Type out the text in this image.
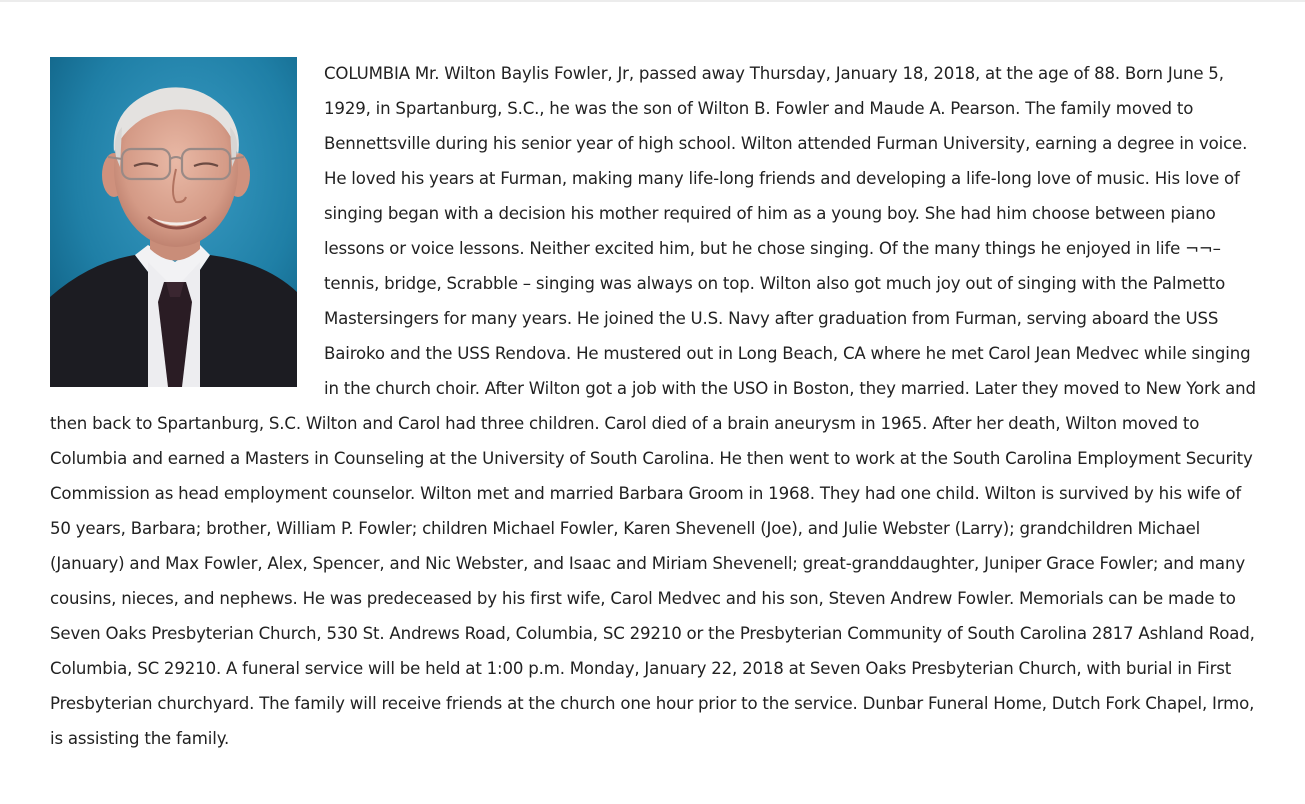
COLUMBIA Mr. Wilton Baylis Fowler, Jr, passed away Thursday, January 18, 2018, at the age of 88. Born June 5, 1929, in Spartanburg, S.C., he was the son of Wilton B. Fowler and Maude A. Pearson. The family moved to Bennettsville during his senior year of high school. Wilton attended Furman University, earning a degree in voice. He loved his years at Furman, making many life-long friends and developing a life-long love of music. His love of singing began with a decision his mother required of him as a young boy. She had him choose between piano lessons or voice lessons. Neither excited him, but he chose singing. Of the many things he enjoyed in life ¬¬– tennis, bridge, Scrabble – singing was always on top. Wilton also got much joy out of singing with the Palmetto Mastersingers for many years. He joined the U.S. Navy after graduation from Furman, serving aboard the USS Bairoko and the USS Rendova. He mustered out in Long Beach, CA where he met Carol Jean Medvec while singing in the church choir. After Wilton got a job with the USO in Boston, they married. Later they moved to New York and then back to Spartanburg, S.C. Wilton and Carol had three children. Carol died of a brain aneurysm in 1965. After her death, Wilton moved to Columbia and earned a Masters in Counseling at the University of South Carolina. He then went to work at the South Carolina Employment Security Commission as head employment counselor. Wilton met and married Barbara Groom in 1968. They had one child. Wilton is survived by his wife of 50 years, Barbara; brother, William P. Fowler; children Michael Fowler, Karen Shevenell (Joe), and Julie Webster (Larry); grandchildren Michael (January) and Max Fowler, Alex, Spencer, and Nic Webster, and Isaac and Miriam Shevenell; great-granddaughter, Juniper Grace Fowler; and many cousins, nieces, and nephews. He was predeceased by his first wife, Carol Medvec and his son, Steven Andrew Fowler. Memorials can be made to Seven Oaks Presbyterian Church, 530 St. Andrews Road, Columbia, SC 29210 or the Presbyterian Community of South Carolina 2817 Ashland Road, Columbia, SC 29210. A funeral service will be held at 1:00 p.m. Monday, January 22, 2018 at Seven Oaks Presbyterian Church, with burial in First Presbyterian churchyard. The family will receive friends at the church one hour prior to the service. Dunbar Funeral Home, Dutch Fork Chapel, Irmo, is assisting the family.
